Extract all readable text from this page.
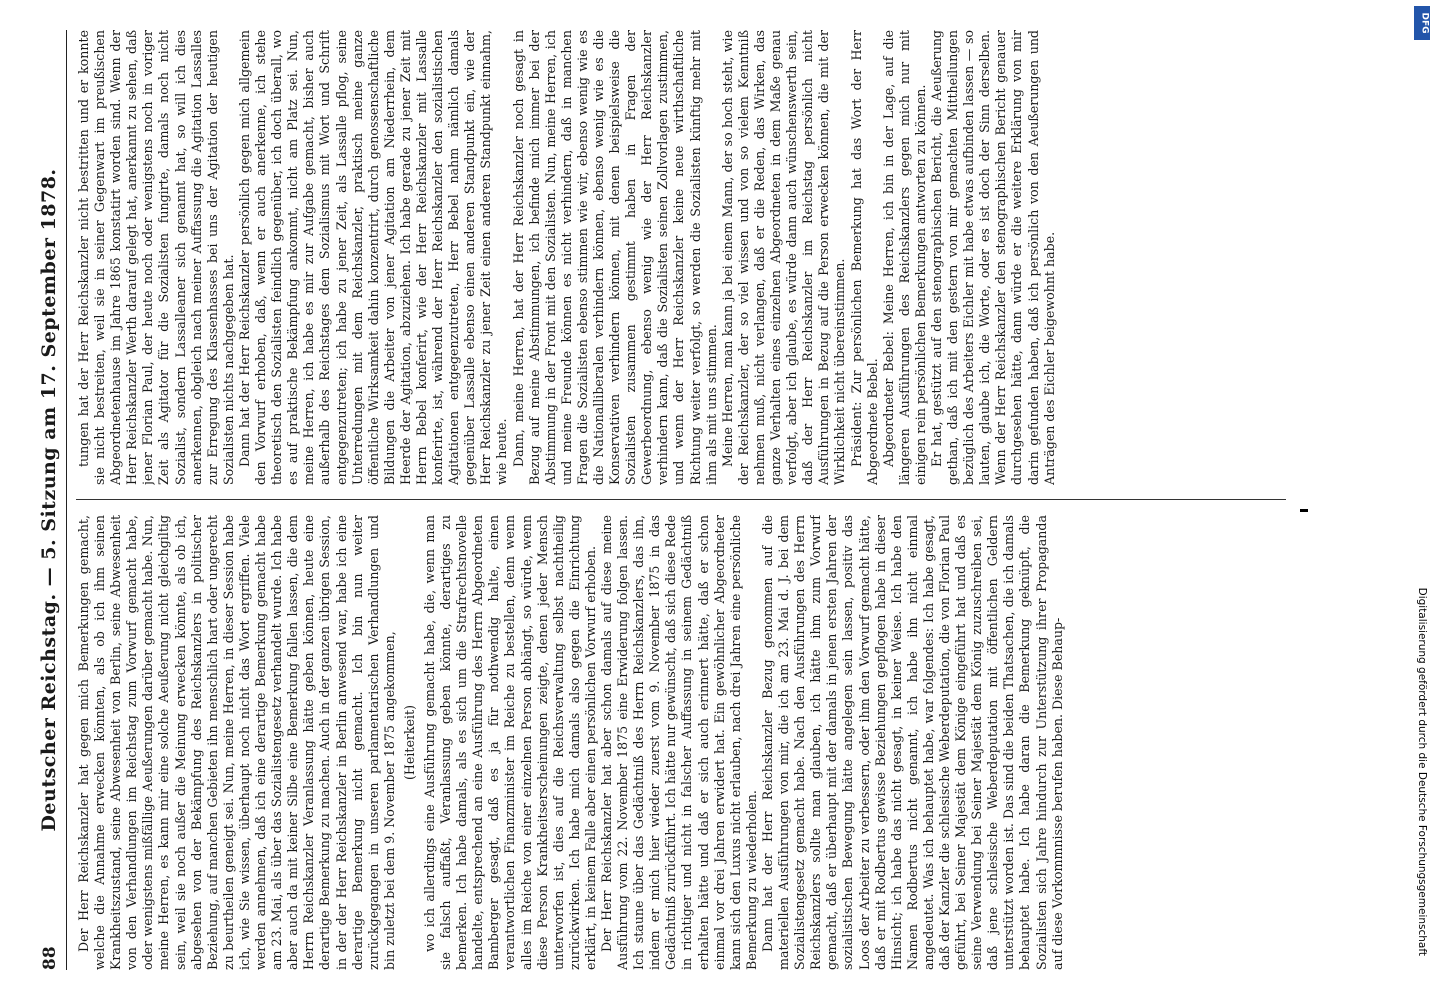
88
Deutscher Reichstag. — 5. Sitzung am 17. September 1878. Der Herr Reichskanzler hat gegen mich Bemerkungen gemacht, welche die Annahme erwecken könnten, als ob ich ihm seinen Krankheitszustand, seine Abwesenheit von Berlin, seine Abwesenheit von den Verhandlungen im Reichstag zum Vorwurf gemacht habe, oder wenigstens mißfällige Aeußerungen darüber gemacht habe. Nun, meine Herren, es kann mir eine solche Aeußerung nicht gleichgiltig sein, weil sie noch außer die Meinung erwecken könnte, als ob ich, abgesehen von der Bekämpfung des Reichskanzlers in politischer Beziehung, auf manchen Gebieten ihn menschlich hart oder ungerecht zu beurtheilen geneigt sei. Nun, meine Herren, in dieser Session habe ich, wie Sie wissen, überhaupt noch nicht das Wort ergriffen. Viele werden annehmen, daß ich eine derartige Bemerkung gemacht habe am 23. Mai, als über das Sozialistengesetz verhandelt wurde. Ich habe aber auch da mit keiner Silbe eine Bemerkung fallen lassen, die dem Herrn Reichskanzler Veranlassung hätte geben können, heute eine derartige Bemerkung zu machen. Auch in der ganzen übrigen Session, in der der Herr Reichskanzler in Berlin anwesend war, habe ich eine derartige Bemerkung nicht gemacht. Ich bin nun weiter zurückgegangen in unseren parlamentarischen Verhandlungen und bin zuletzt bei dem 9. November 1875 angekommen, (Heiterkeit) wo ich allerdings eine Ausführung gemacht habe, die, wenn man sie falsch auffaßt, Veranlassung geben könnte, derartiges zu bemerken. Ich habe damals, als es sich um die Strafrechtsnovelle handelte, entsprechend an eine Ausführung des Herrn Abgeordneten Bamberger gesagt, daß es ja für nothwendig halte, einen verantwortlichen Finanzminister im Reiche zu bestellen, denn wenn alles im Reiche von einer einzelnen Person abhängt, so würde, wenn diese Person Krankheitserscheinungen zeigte, denen jeder Mensch unterworfen ist, dies auf die Reichsverwaltung selbst nachtheilig zurückwirken. Ich habe mich damals also gegen die Einrichtung erklärt, in keinem Falle aber einen persönlichen Vorwurf erhoben. Der Herr Reichskanzler hat aber schon damals auf diese meine Ausführung vom 22. November 1875 eine Erwiderung folgen lassen. Ich staune über das Gedächtniß des Herrn Reichskanzlers, das ihn, indem er mich hier wieder zuerst vom 9. November 1875 in das Gedächtniß zurückführt. Ich hätte nur gewünscht, daß sich diese Rede in richtiger und nicht in falscher Auffassung in seinem Gedächtniß erhalten hätte und daß er sich auch erinnert hätte, daß er schon einmal vor drei Jahren erwidert hat. Ein gewöhnlicher Abgeordneter kann sich den Luxus nicht erlauben, nach drei Jahren eine persönliche Bemerkung zu wiederholen. Dann hat der Herr Reichskanzler Bezug genommen auf die materiellen Ausführungen von mir, die ich am 23. Mai d. J. bei dem Sozialistengesetz gemacht habe. Nach den Ausführungen des Herrn Reichskanzlers sollte man glauben, ich hätte ihm zum Vorwurf gemacht, daß er überhaupt mit der damals in jenen ersten Jahren der sozialistischen Bewegung hätte angelegen sein lassen, positiv das Loos der Arbeiter zu verbessern, oder ihm den Vorwurf gemacht hätte, daß er mit Rodbertus gewisse Beziehungen gepflogen habe in dieser Hinsicht; ich habe das nicht gesagt, in keiner Weise. Ich habe den Namen Rodbertus nicht genannt, ich habe ihn nicht einmal angedeutet. Was ich behauptet habe, war folgendes: Ich habe gesagt, daß der Kanzler die schlesische Weberdeputation, die von Florian Paul geführt, bei Seiner Majestät dem Könige eingeführt hat und daß es seine Verwendung bei Seiner Majestät dem König zuzuschreiben sei, daß jene schlesische Weberdeputation mit öffentlichen Geldern unterstützt worden ist. Das sind die beiden Thatsachen, die ich damals behauptet habe. Ich habe daran die Bemerkung geknüpft, die Sozialisten sich Jahre hindurch zur Unterstützung ihrer Propaganda auf diese Vorkommnisse berufen haben. Diese Behaup-

tungen hat der Herr Reichskanzler nicht bestritten und er konnte sie nicht bestreiten, weil sie in seiner Gegenwart im preußischen Abgeordnetenhause im Jahre 1865 konstatirt worden sind. Wenn der Herr Reichskanzler Werth darauf gelegt hat, anerkannt zu sehen, daß jener Florian Paul, der heute noch oder wenigstens noch in voriger Zeit als Agitator für die Sozialisten fungirte, damals noch nicht Sozialist, sondern Lassalleaner sich genannt hat, so will ich dies anerkennen, obgleich nach meiner Auffassung die Agitation Lassalles zur Erregung des Klassenhasses bei uns der Agitation der heutigen Sozialisten nichts nachgegeben hat. Dann hat der Herr Reichskanzler persönlich gegen mich allgemein den Vorwurf erhoben, daß, wenn er auch anerkenne, ich stehe theoretisch den Sozialisten feindlich gegenüber, ich doch überall, wo es auf praktische Bekämpfung ankommt, nicht am Platz sei. Nun, meine Herren, ich habe es mir zur Aufgabe gemacht, bisher auch außerhalb des Reichstages dem Sozialismus mit Wort und Schrift entgegenzutreten; ich habe zu jener Zeit, als Lassalle pflog, seine Unterredungen mit dem Reichskanzler, praktisch meine ganze öffentliche Wirksamkeit dahin konzentrirt, durch genossenschaftliche Bildungen die Arbeiter von jener Agitation am Niederrhein, dem Heerde der Agitation, abzuziehen. Ich habe gerade zu jener Zeit mit Herrn Bebel konferirt, wie der Herr Reichskanzler mit Lassalle konferirte, ist, während der Herr Reichskanzler den sozialistischen Agitationen entgegenzutreten, Herr Bebel nahm nämlich damals gegenüber Lassalle ebenso einen anderen Standpunkt ein, wie der Herr Reichskanzler zu jener Zeit einen anderen Standpunkt einnahm, wie heute. Dann, meine Herren, hat der Herr Reichskanzler noch gesagt in Bezug auf meine Abstimmungen, ich befinde mich immer bei der Abstimmung in der Front mit den Sozialisten. Nun, meine Herren, ich und meine Freunde können es nicht verhindern, daß in manchen Fragen die Sozialisten ebenso stimmen wie wir, ebenso wenig wie es die Nationalliberalen verhindern können, ebenso wenig wie es die Konservativen verhindern können, mit denen beispielsweise die Sozialisten zusammen gestimmt haben in Fragen der Gewerbeordnung, ebenso wenig wie der Herr Reichskanzler verhindern kann, daß die Sozialisten seinen Zollvorlagen zustimmen, und wenn der Herr Reichskanzler keine neue wirthschaftliche Richtung weiter verfolgt, so werden die Sozialisten künftig mehr mit ihm als mit uns stimmen. Meine Herren, man kann ja bei einem Mann, der so hoch steht, wie der Reichskanzler, der so viel wissen und von so vielem Kenntniß nehmen muß, nicht verlangen, daß er die Reden, das Wirken, das ganze Verhalten eines einzelnen Abgeordneten in dem Maße genau verfolgt, aber ich glaube, es würde dann auch wünschenswerth sein, daß der Herr Reichskanzler im Reichstag persönlich nicht Ausführungen in Bezug auf die Person erwecken können, die mit der Wirklichkeit nicht übereinstimmen. Präsident: Zur persönlichen Bemerkung hat das Wort der Herr Abgeordnete Bebel. Abgeordneter Bebel: Meine Herren, ich bin in der Lage, auf die längeren Ausführungen des Reichskanzlers gegen mich nur mit einigen rein persönlichen Bemerkungen antworten zu können. Er hat, gestützt auf den stenographischen Bericht, die Aeußerung gethan, daß ich mit den gestern von mir gemachten Mittheilungen bezüglich des Arbeiters Eichler mit habe etwas aufbinden lassen — so lauten, glaube ich, die Worte, oder es ist doch der Sinn derselben. Wenn der Herr Reichskanzler den stenographischen Bericht genauer durchgesehen hätte, dann würde er die weitere Erklärung von mir darin gefunden haben, daß ich persönlich von den Aeußerungen und Anträgen des Eichler beigewohnt habe.

Digitalisierung gefördert durch die Deutsche Forschungsgemeinschaft
DFG
